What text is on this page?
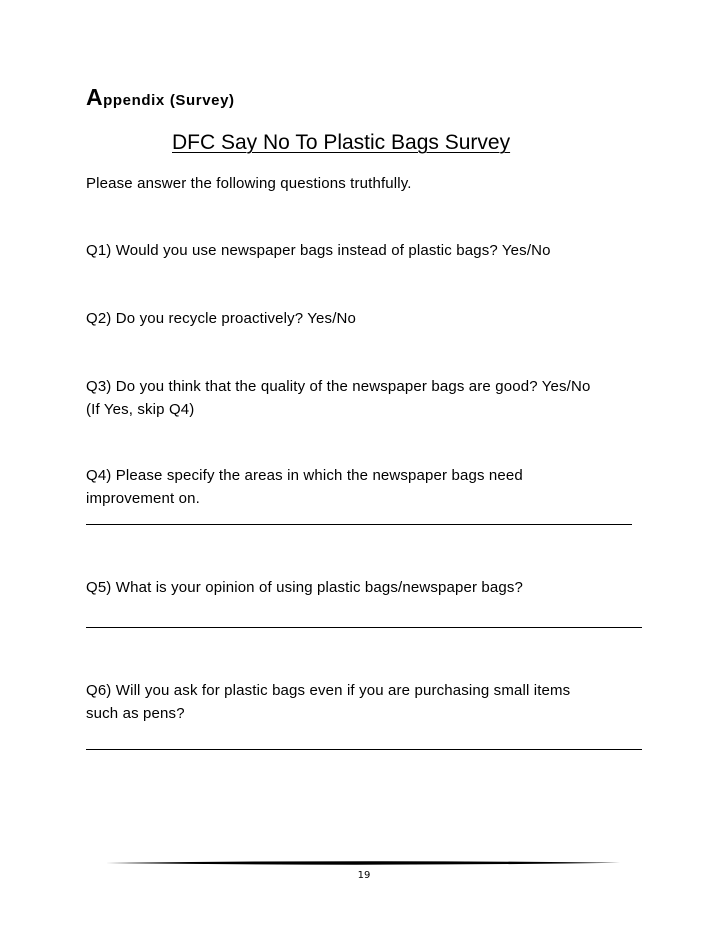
Appendix (Survey)
DFC Say No To Plastic Bags Survey
Please answer the following questions truthfully.
Q1) Would you use newspaper bags instead of plastic bags? Yes/No
Q2) Do you recycle proactively? Yes/No
Q3) Do you think that the quality of the newspaper bags are good? Yes/No
(If Yes, skip Q4)
Q4) Please specify the areas in which the newspaper bags need
improvement on.
Q5) What is your opinion of using plastic bags/newspaper bags?
Q6) Will you ask for plastic bags even if you are purchasing small items
such as pens?
19
